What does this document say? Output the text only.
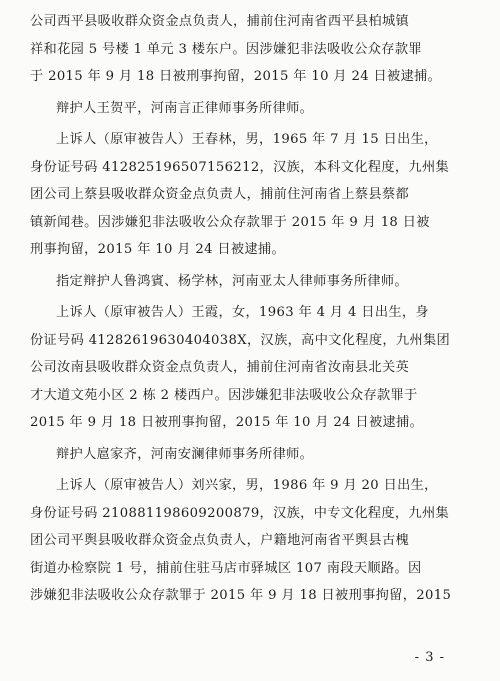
公司西平县吸收群众资金点负责人，捕前住河南省西平县柏城镇

祥和花园 5 号楼 1 单元 3 楼东户。因涉嫌犯非法吸收公众存款罪

于 2015 年 9 月 18 日被刑事拘留，2015 年 10 月 24 日被逮捕。

辩护人王贺平，河南言正律师事务所律师。

上诉人（原审被告人）王春林，男，1965 年 7 月 15 日出生，

身份证号码 412825196507156212，汉族，本科文化程度，九州集

团公司上蔡县吸收群众资金点负责人，捕前住河南省上蔡县蔡都

镇新闻巷。因涉嫌犯非法吸收公众存款罪于 2015 年 9 月 18 日被

刑事拘留，2015 年 10 月 24 日被逮捕。

指定辩护人鲁鸿賓、杨学林，河南亚太人律师事务所律师。

上诉人（原审被告人）王霞，女，1963 年 4 月 4 日出生，身

份证号码 41282619630404038X，汉族，高中文化程度，九州集团

公司汝南县吸收群众资金点负责人，捕前住河南省汝南县北关英

才大道文苑小区 2 栋 2 楼西户。因涉嫌犯非法吸收公众存款罪于

2015 年 9 月 18 日被刑事拘留，2015 年 10 月 24 日被逮捕。

辩护人扈家齐，河南安澜律师事务所律师。

上诉人（原审被告人）刘兴家，男，1986 年 9 月 20 日出生，

身份证号码 210881198609200879，汉族，中专文化程度，九州集

团公司平舆县吸收群众资金点负责人，户籍地河南省平舆县古槐

街道办检察院 1 号，捕前住驻马店市驿城区 107 南段天顺路。因

涉嫌犯非法吸收公众存款罪于 2015 年 9 月 18 日被刑事拘留，2015

- 3 -
